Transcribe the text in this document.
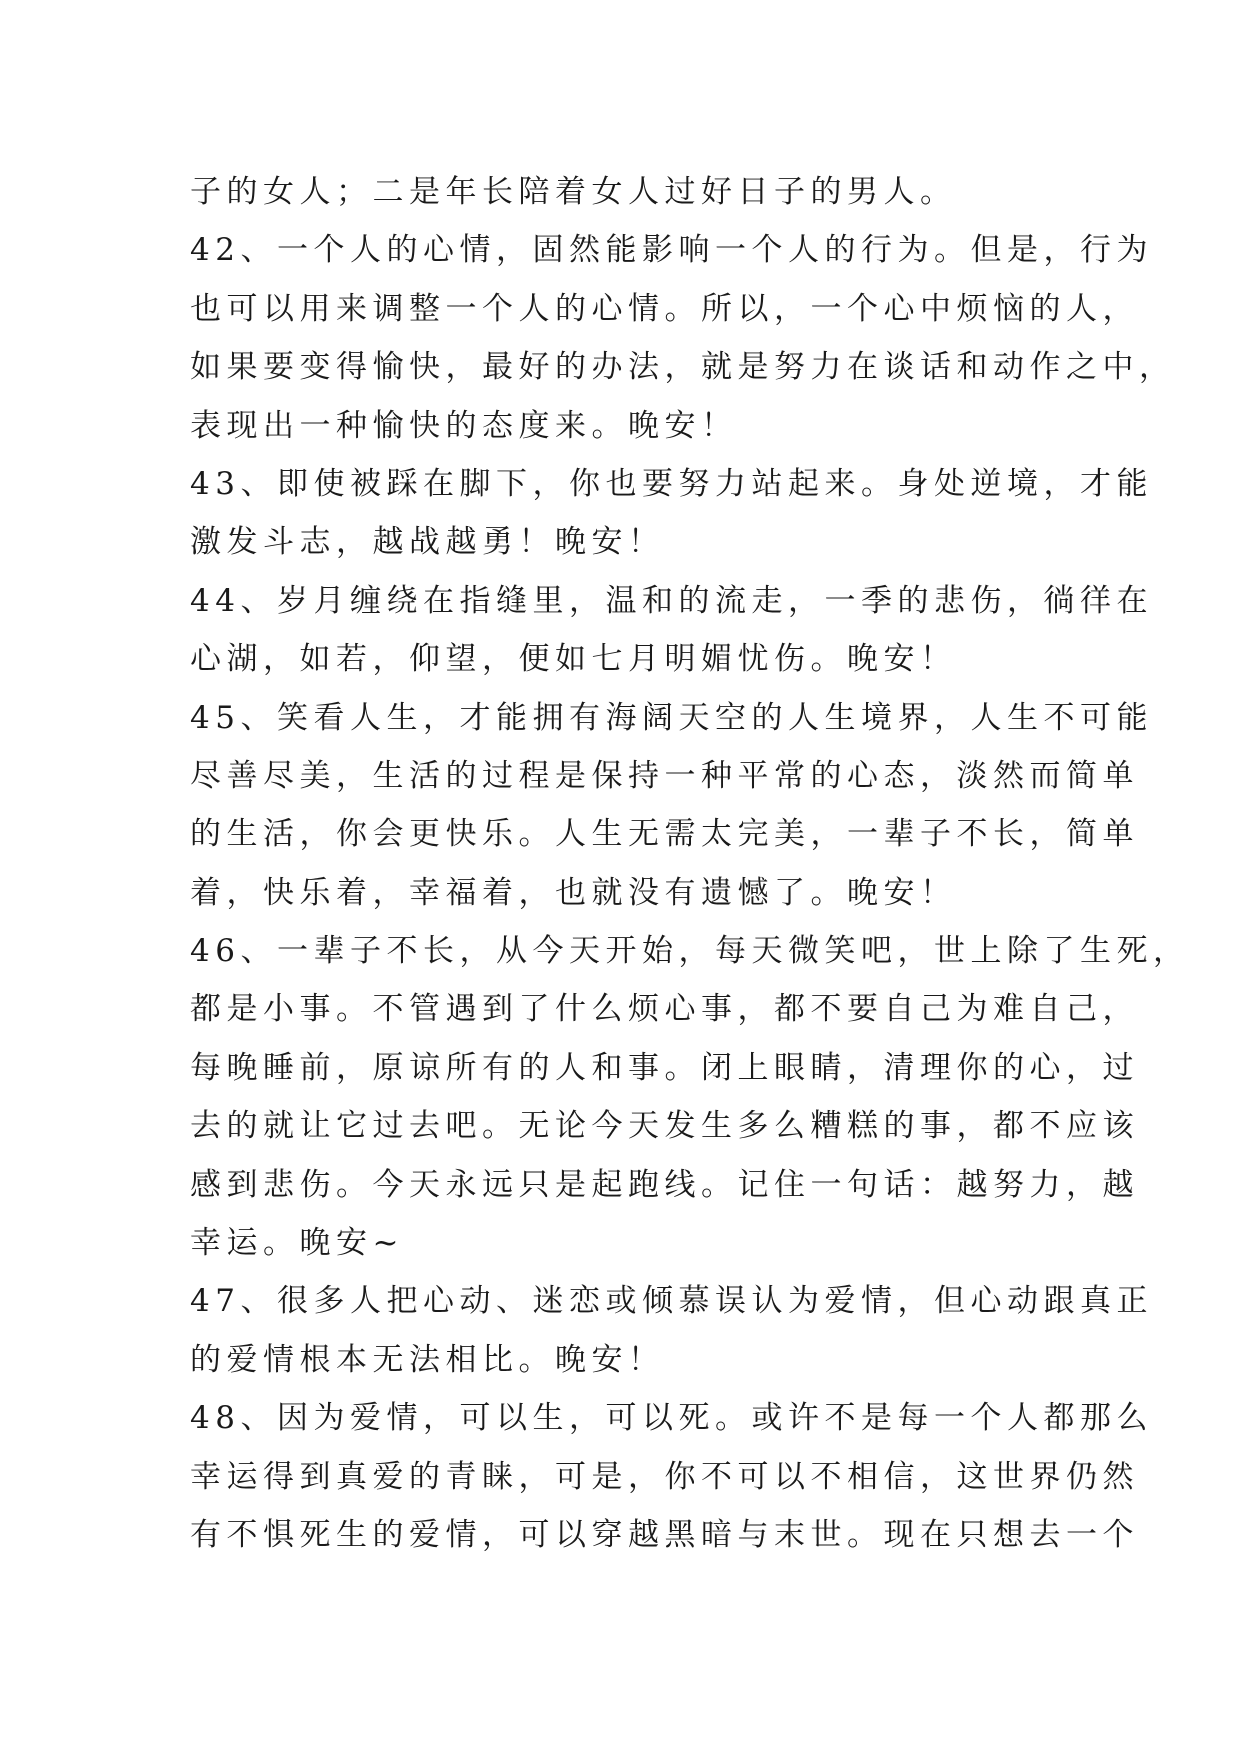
子的女人；二是年长陪着女人过好日子的男人。
42、一个人的心情，固然能影响一个人的行为。但是，行为
也可以用来调整一个人的心情。所以，一个心中烦恼的人，
如果要变得愉快，最好的办法，就是努力在谈话和动作之中，
表现出一种愉快的态度来。晚安！
43、即使被踩在脚下，你也要努力站起来。身处逆境，才能
激发斗志，越战越勇！晚安！
44、岁月缠绕在指缝里，温和的流走，一季的悲伤，徜徉在
心湖，如若，仰望，便如七月明媚忧伤。晚安！
45、笑看人生，才能拥有海阔天空的人生境界，人生不可能
尽善尽美，生活的过程是保持一种平常的心态，淡然而简单
的生活，你会更快乐。人生无需太完美，一辈子不长，简单
着，快乐着，幸福着，也就没有遗憾了。晚安！
46、一辈子不长，从今天开始，每天微笑吧，世上除了生死，
都是小事。不管遇到了什么烦心事，都不要自己为难自己，
每晚睡前，原谅所有的人和事。闭上眼睛，清理你的心，过
去的就让它过去吧。无论今天发生多么糟糕的事，都不应该
感到悲伤。今天永远只是起跑线。记住一句话：越努力，越
幸运。晚安~
47、很多人把心动、迷恋或倾慕误认为爱情，但心动跟真正
的爱情根本无法相比。晚安！
48、因为爱情，可以生，可以死。或许不是每一个人都那么
幸运得到真爱的青睐，可是，你不可以不相信，这世界仍然
有不惧死生的爱情，可以穿越黑暗与末世。现在只想去一个
